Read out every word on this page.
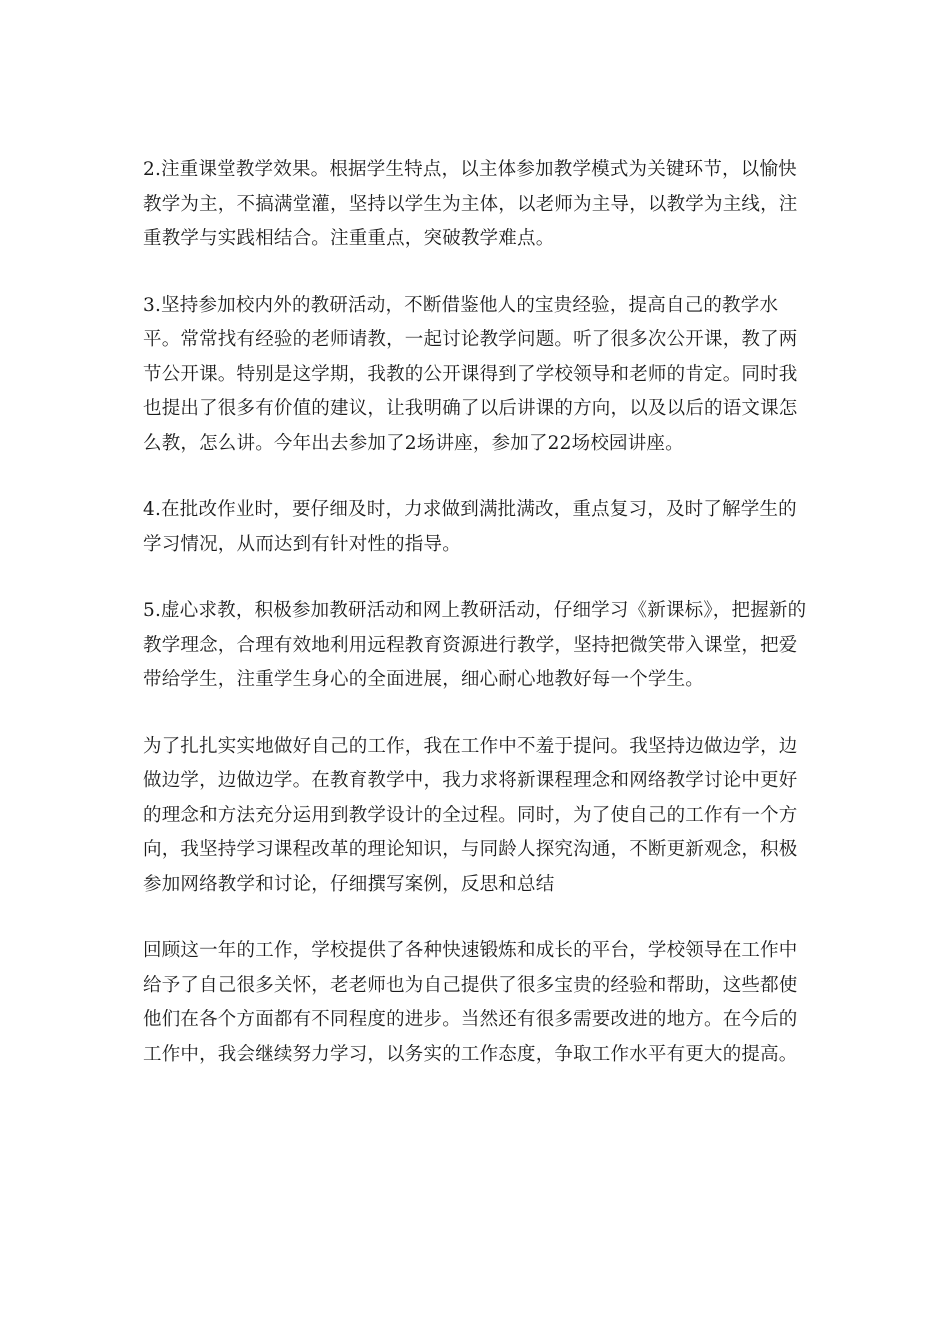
2.注重课堂教学效果。根据学生特点，以主体参加教学模式为关键环节，以愉快教学为主，不搞满堂灌，坚持以学生为主体，以老师为主导，以教学为主线，注重教学与实践相结合。注重重点，突破教学难点。

3.坚持参加校内外的教研活动，不断借鉴他人的宝贵经验，提高自己的教学水平。常常找有经验的老师请教，一起讨论教学问题。听了很多次公开课，教了两节公开课。特别是这学期，我教的公开课得到了学校领导和老师的肯定。同时我也提出了很多有价值的建议，让我明确了以后讲课的方向，以及以后的语文课怎么教，怎么讲。今年出去参加了2场讲座，参加了22场校园讲座。

4.在批改作业时，要仔细及时，力求做到满批满改，重点复习，及时了解学生的学习情况，从而达到有针对性的指导。

5.虚心求教，积极参加教研活动和网上教研活动，仔细学习《新课标》，把握新的教学理念，合理有效地利用远程教育资源进行教学，坚持把微笑带入课堂，把爱带给学生，注重学生身心的全面进展，细心耐心地教好每一个学生。

为了扎扎实实地做好自己的工作，我在工作中不羞于提问。我坚持边做边学，边做边学，边做边学。在教育教学中，我力求将新课程理念和网络教学讨论中更好的理念和方法充分运用到教学设计的全过程。同时，为了使自己的工作有一个方向，我坚持学习课程改革的理论知识，与同龄人探究沟通，不断更新观念，积极参加网络教学和讨论，仔细撰写案例，反思和总结

回顾这一年的工作，学校提供了各种快速锻炼和成长的平台，学校领导在工作中给予了自己很多关怀，老老师也为自己提供了很多宝贵的经验和帮助，这些都使他们在各个方面都有不同程度的进步。当然还有很多需要改进的地方。在今后的工作中，我会继续努力学习，以务实的工作态度，争取工作水平有更大的提高。
